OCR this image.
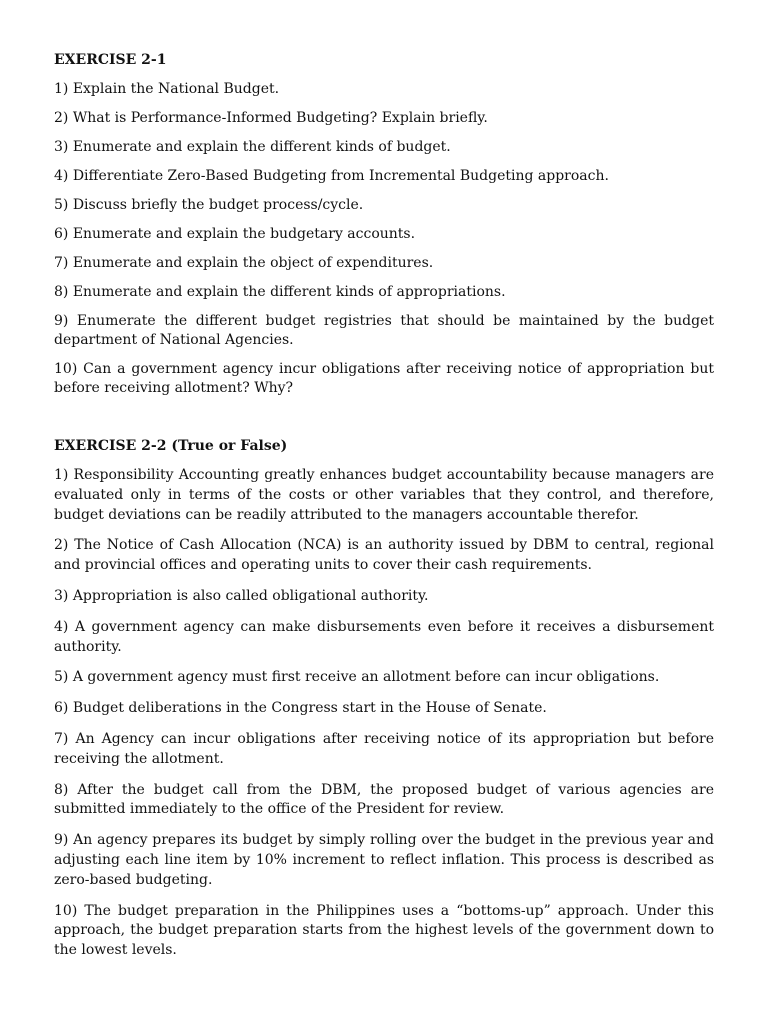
EXERCISE 2-1
1) Explain the National Budget.
2) What is Performance-Informed Budgeting? Explain briefly.
3) Enumerate and explain the different kinds of budget.
4) Differentiate Zero-Based Budgeting from Incremental Budgeting approach.
5) Discuss briefly the budget process/cycle.
6) Enumerate and explain the budgetary accounts.
7) Enumerate and explain the object of expenditures.
8) Enumerate and explain the different kinds of appropriations.
9) Enumerate the different budget registries that should be maintained by the budget department of National Agencies.
10) Can a government agency incur obligations after receiving notice of appropriation but before receiving allotment? Why?
EXERCISE 2-2 (True or False)
1) Responsibility Accounting greatly enhances budget accountability because managers are evaluated only in terms of the costs or other variables that they control, and therefore, budget deviations can be readily attributed to the managers accountable therefor.
2) The Notice of Cash Allocation (NCA) is an authority issued by DBM to central, regional and provincial offices and operating units to cover their cash requirements.
3) Appropriation is also called obligational authority.
4) A government agency can make disbursements even before it receives a disbursement authority.
5) A government agency must first receive an allotment before can incur obligations.
6) Budget deliberations in the Congress start in the House of Senate.
7) An Agency can incur obligations after receiving notice of its appropriation but before receiving the allotment.
8) After the budget call from the DBM, the proposed budget of various agencies are submitted immediately to the office of the President for review.
9) An agency prepares its budget by simply rolling over the budget in the previous year and adjusting each line item by 10% increment to reflect inflation. This process is described as zero-based budgeting.
10) The budget preparation in the Philippines uses a “bottoms-up” approach. Under this approach, the budget preparation starts from the highest levels of the government down to the lowest levels.
